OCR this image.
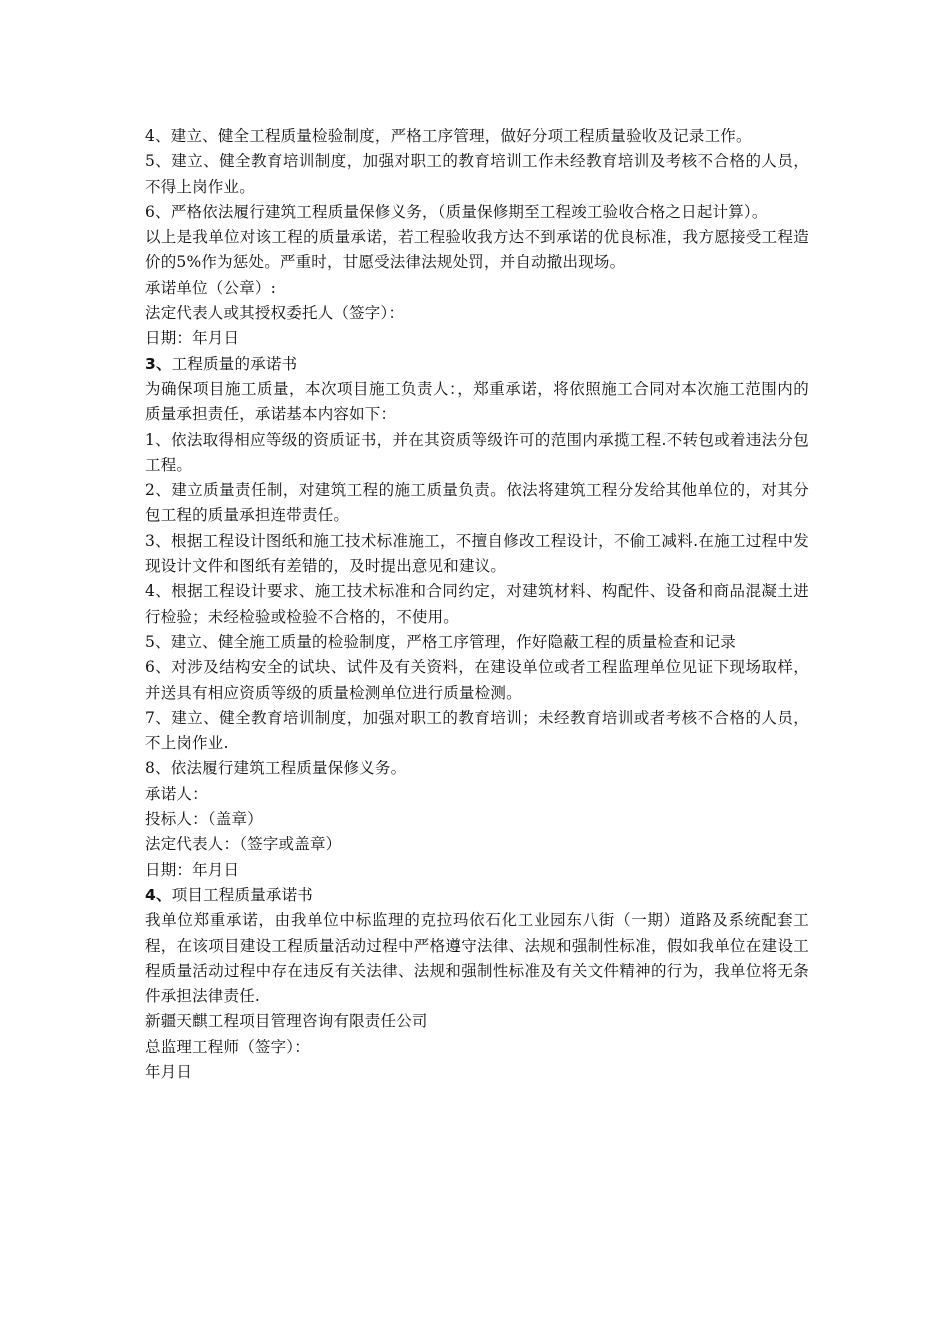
4、建立、健全工程质量检验制度，严格工序管理，做好分项工程质量验收及记录工作。

5、建立、健全教育培训制度，加强对职工的教育培训工作未经教育培训及考核不合格的人员，不得上岗作业。

6、严格依法履行建筑工程质量保修义务，（质量保修期至工程竣工验收合格之日起计算）。

以上是我单位对该工程的质量承诺，若工程验收我方达不到承诺的优良标准，我方愿接受工程造价的5%作为惩处。严重时，甘愿受法律法规处罚，并自动撤出现场。

承诺单位（公章）:

法定代表人或其授权委托人（签字）：

日期：年月日

3、工程质量的承诺书

为确保项目施工质量，本次项目施工负责人：，郑重承诺，将依照施工合同对本次施工范围内的质量承担责任，承诺基本内容如下：

1、依法取得相应等级的资质证书，并在其资质等级许可的范围内承揽工程.不转包或着违法分包工程。

2、建立质量责任制，对建筑工程的施工质量负责。依法将建筑工程分发给其他单位的，对其分包工程的质量承担连带责任。

3、根据工程设计图纸和施工技术标准施工，不擅自修改工程设计，不偷工减料.在施工过程中发现设计文件和图纸有差错的，及时提出意见和建议。

4、根据工程设计要求、施工技术标准和合同约定，对建筑材料、构配件、设备和商品混凝土进行检验；未经检验或检验不合格的，不使用。

5、建立、健全施工质量的检验制度，严格工序管理，作好隐蔽工程的质量检查和记录

6、对涉及结构安全的试块、试件及有关资料，在建设单位或者工程监理单位见证下现场取样，并送具有相应资质等级的质量检测单位进行质量检测。

7、建立、健全教育培训制度，加强对职工的教育培训；未经教育培训或者考核不合格的人员，不上岗作业.

8、依法履行建筑工程质量保修义务。

承诺人：

投标人：（盖章）

法定代表人：（签字或盖章）

日期：年月日

4、项目工程质量承诺书

我单位郑重承诺，由我单位中标监理的克拉玛依石化工业园东八街（一期）道路及系统配套工程，在该项目建设工程质量活动过程中严格遵守法律、法规和强制性标准，假如我单位在建设工程质量活动过程中存在违反有关法律、法规和强制性标准及有关文件精神的行为，我单位将无条件承担法律责任.

新疆天麒工程项目管理咨询有限责任公司

总监理工程师（签字）：

年月日
